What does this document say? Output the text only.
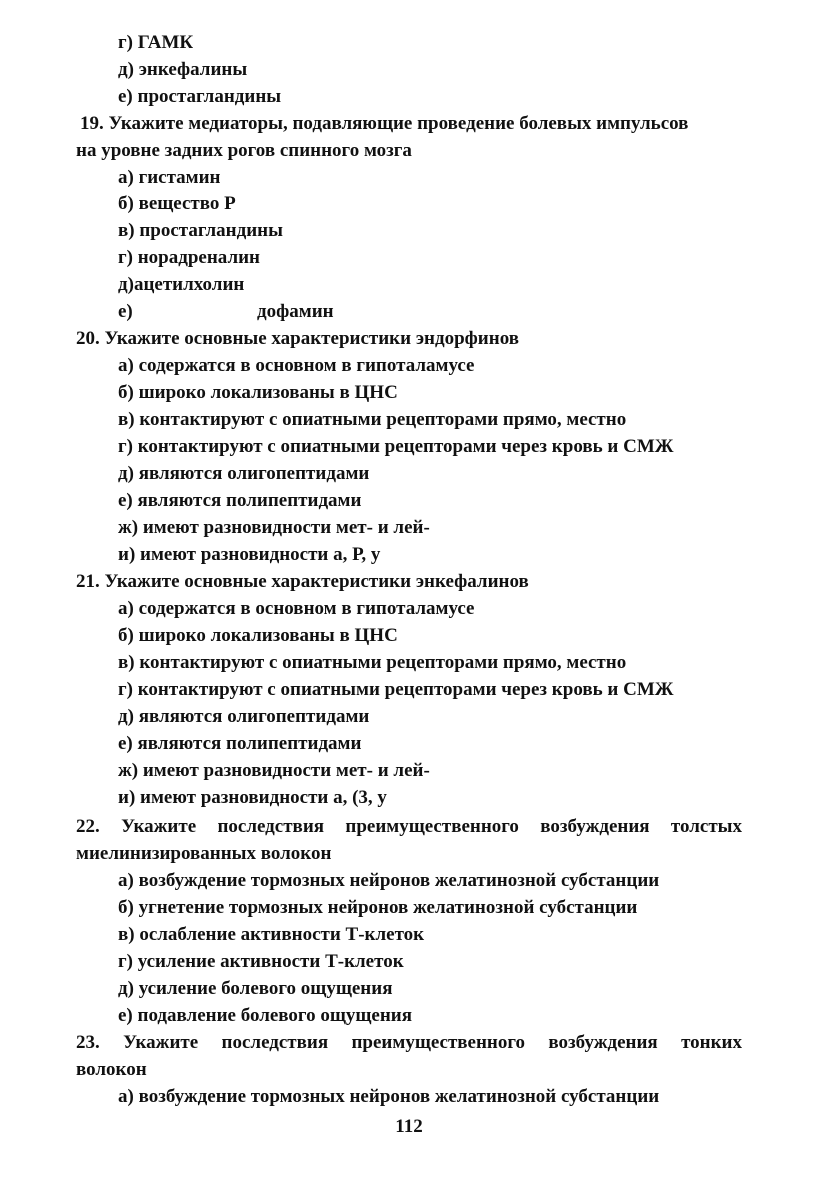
г) ГАМК
д) энкефалины
е) простагландины
19. Укажите медиаторы, подавляющие проведение болевых импульсов
на уровне задних рогов спинного мозга
а) гистамин
б) вещество Р
в) простагландины
г) норадреналин
д)ацетилхолин
е)	дофамин
20. Укажите основные характеристики эндорфинов
а) содержатся в основном в гипоталамусе
б) широко локализованы в ЦНС
в) контактируют с опиатными рецепторами прямо, местно
г) контактируют с опиатными рецепторами через кровь и СМЖ
д) являются олигопептидами
е) являются полипептидами
ж) имеют разновидности мет- и лей-
и) имеют разновидности а, Р, у
21. Укажите основные характеристики энкефалинов
а) содержатся в основном в гипоталамусе
б) широко локализованы в ЦНС
в) контактируют с опиатными рецепторами прямо, местно
г) контактируют с опиатными рецепторами через кровь и СМЖ
д) являются олигопептидами
е) являются полипептидами
ж) имеют разновидности мет- и лей-
и) имеют разновидности а, (3, у
22. Укажите последствия преимущественного возбуждения толстых
миелинизированных волокон
а) возбуждение тормозных нейронов желатинозной субстанции
б) угнетение тормозных нейронов желатинозной субстанции
в) ослабление активности Т-клеток
г) усиление активности Т-клеток
д) усиление болевого ощущения
е) подавление болевого ощущения
23. Укажите последствия преимущественного возбуждения тонких
волокон
а) возбуждение тормозных нейронов желатинозной субстанции
112
